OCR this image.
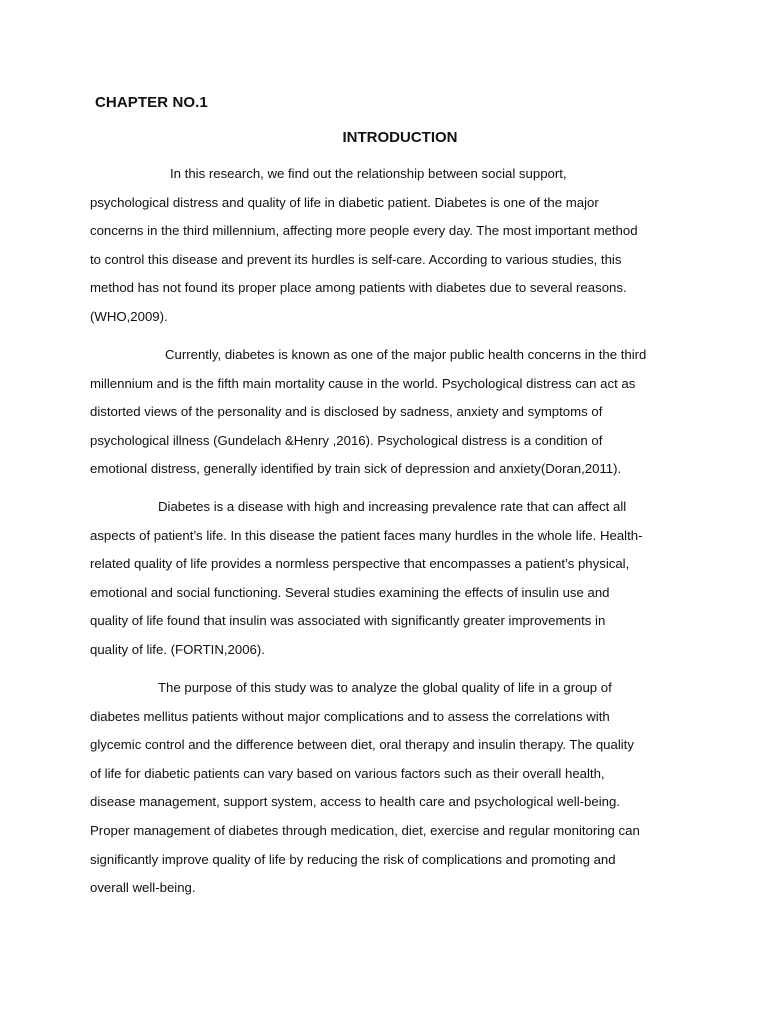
CHAPTER NO.1
INTRODUCTION
In this research, we find out the relationship between social support,
psychological distress and quality of life in diabetic patient. Diabetes is one of the major
concerns in the third millennium, affecting more people every day. The most important method
to control this disease and prevent its hurdles is self-care. According to various studies, this
method has not found its proper place among patients with diabetes due to several reasons.
(WHO,2009).
Currently, diabetes is known as one of the major public health concerns in the third
millennium and is the fifth main mortality cause in the world. Psychological distress can act as
distorted views of the personality and is disclosed by sadness, anxiety and symptoms of
psychological illness (Gundelach &Henry ,2016). Psychological distress is a condition of
emotional distress, generally identified by train sick of depression and anxiety(Doran,2011).
Diabetes is a disease with high and increasing prevalence rate that can affect all
aspects of patient’s life. In this disease the patient faces many hurdles in the whole life. Health-
related quality of life provides a normless perspective that encompasses a patient’s physical,
emotional and social functioning. Several studies examining the effects of insulin use and
quality of life found that insulin was associated with significantly greater improvements in
quality of life. (FORTIN,2006).
The purpose of this study was to analyze the global quality of life in a group of
diabetes mellitus patients without major complications and to assess the correlations with
glycemic control and the difference between diet, oral therapy and insulin therapy. The quality
of life for diabetic patients can vary based on various factors such as their overall health,
disease management, support system, access to health care and psychological well-being.
Proper management of diabetes through medication, diet, exercise and regular monitoring can
significantly improve quality of life by reducing the risk of complications and promoting and
overall well-being.
